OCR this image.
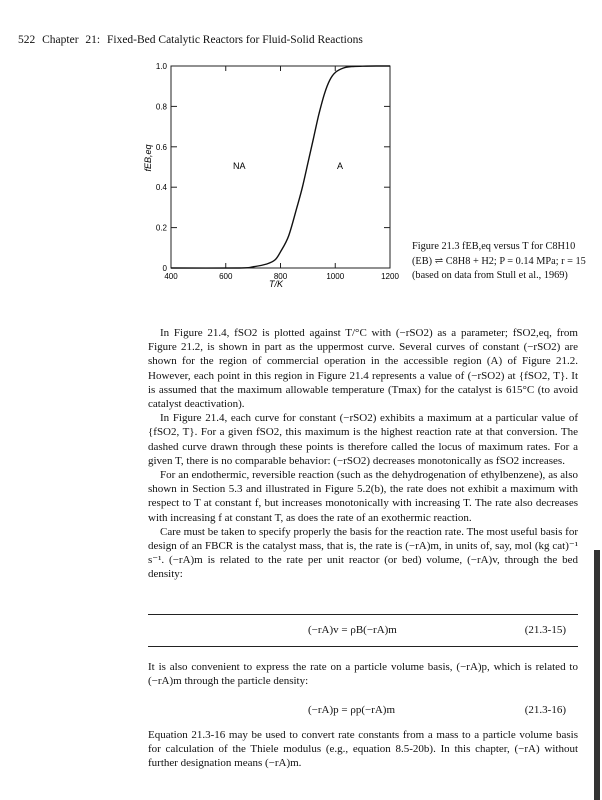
522 Chapter 21: Fixed-Bed Catalytic Reactors for Fluid-Solid Reactions
400	600	800	1000	1200
0
0.2
0.4
0.6
0.8
1.0
NA	A
T/K
fEB,eq
Figure 21.3 fEB,eq versus T for C8H10 (EB) ⇌ C8H8 + H2; P = 0.14 MPa; r = 15 (based on data from Stull et al., 1969)

In Figure 21.4, fSO2 is plotted against T/°C with (−rSO2) as a parameter; fSO2,eq, from Figure 21.2, is shown in part as the uppermost curve. Several curves of constant (−rSO2) are shown for the region of commercial operation in the accessible region (A) of Figure 21.2. However, each point in this region in Figure 21.4 represents a value of (−rSO2) at {fSO2, T}. It is assumed that the maximum allowable temperature (Tmax) for the catalyst is 615°C (to avoid catalyst deactivation).

In Figure 21.4, each curve for constant (−rSO2) exhibits a maximum at a particular value of {fSO2, T}. For a given fSO2, this maximum is the highest reaction rate at that conversion. The dashed curve drawn through these points is therefore called the locus of maximum rates. For a given T, there is no comparable behavior: (−rSO2) decreases monotonically as fSO2 increases.

For an endothermic, reversible reaction (such as the dehydrogenation of ethylbenzene), as also shown in Section 5.3 and illustrated in Figure 5.2(b), the rate does not exhibit a maximum with respect to T at constant f, but increases monotonically with increasing T. The rate also decreases with increasing f at constant T, as does the rate of an exothermic reaction.

Care must be taken to specify properly the basis for the reaction rate. The most useful basis for design of an FBCR is the catalyst mass, that is, the rate is (−rA)m, in units of, say, mol (kg cat)⁻¹ s⁻¹. (−rA)m is related to the rate per unit reactor (or bed) volume, (−rA)v, through the bed density:

(−rA)v = ρB(−rA)m	(21.3-15)

It is also convenient to express the rate on a particle volume basis, (−rA)p, which is related to (−rA)m through the particle density:

(−rA)p = ρp(−rA)m	(21.3-16)

Equation 21.3-16 may be used to convert rate constants from a mass to a particle volume basis for calculation of the Thiele modulus (e.g., equation 8.5-20b). In this chapter, (−rA) without further designation means (−rA)m.
